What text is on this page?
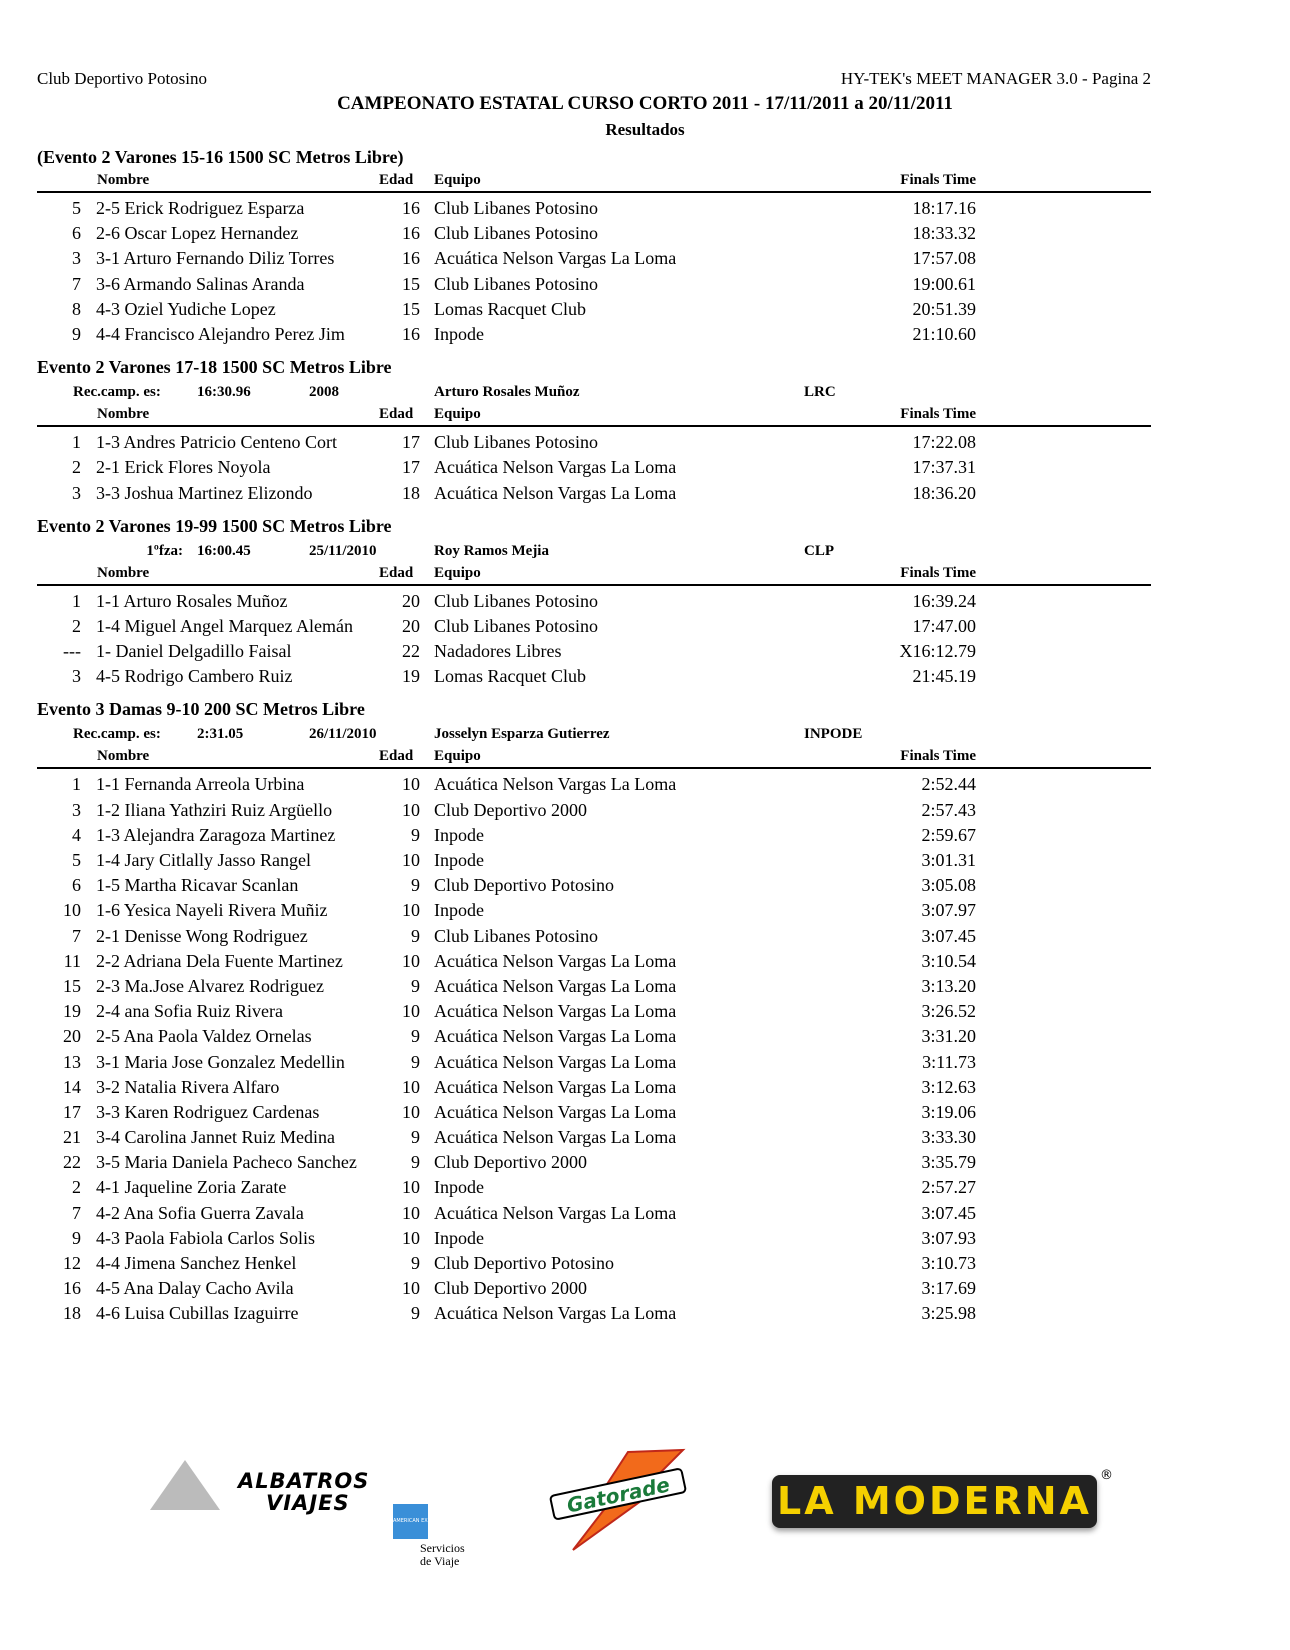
Club Deportivo Potosino	HY-TEK's MEET MANAGER 3.0 - Pagina 2
CAMPEONATO ESTATAL CURSO CORTO 2011 - 17/11/2011 a 20/11/2011
Resultados
(Evento 2 Varones 15-16 1500 SC Metros Libre)
Nombre	Edad Equipo	Finals Time
5 2-5 Erick Rodriguez Esparza	16 Club Libanes Potosino	18:17.16
6 2-6 Oscar Lopez Hernandez	16 Club Libanes Potosino	18:33.32
3 3-1 Arturo Fernando Diliz Torres	16 Acuática Nelson Vargas La Loma	17:57.08
7 3-6 Armando Salinas Aranda	15 Club Libanes Potosino	19:00.61
8 4-3 Oziel Yudiche Lopez	15 Lomas Racquet Club	20:51.39
9 4-4 Francisco Alejandro Perez Jim	16 Inpode	21:10.60
Evento 2 Varones 17-18 1500 SC Metros Libre
Rec.camp. es: 16:30.96	2008	Arturo Rosales Muñoz	LRC
Nombre	Edad Equipo	Finals Time
1 1-3 Andres Patricio Centeno Cort	17 Club Libanes Potosino	17:22.08
2 2-1 Erick Flores Noyola	17 Acuática Nelson Vargas La Loma	17:37.31
3 3-3 Joshua Martinez Elizondo	18 Acuática Nelson Vargas La Loma	18:36.20
Evento 2 Varones 19-99 1500 SC Metros Libre
1ºfza: 16:00.45	25/11/2010	Roy Ramos Mejia	CLP
Nombre	Edad Equipo	Finals Time
1 1-1 Arturo Rosales Muñoz	20 Club Libanes Potosino	16:39.24
2 1-4 Miguel Angel Marquez Alemán	20 Club Libanes Potosino	17:47.00
--- 1- Daniel Delgadillo Faisal	22 Nadadores Libres	X16:12.79
3 4-5 Rodrigo Cambero Ruiz	19 Lomas Racquet Club	21:45.19
Evento 3 Damas 9-10 200 SC Metros Libre
Rec.camp. es: 2:31.05	26/11/2010	Josselyn Esparza Gutierrez	INPODE
Nombre	Edad Equipo	Finals Time
1 1-1 Fernanda Arreola Urbina	10 Acuática Nelson Vargas La Loma	2:52.44
3 1-2 Iliana Yathziri Ruiz Argüello	10 Club Deportivo 2000	2:57.43
4 1-3 Alejandra Zaragoza Martinez	9 Inpode	2:59.67
5 1-4 Jary Citlally Jasso Rangel	10 Inpode	3:01.31
6 1-5 Martha Ricavar Scanlan	9 Club Deportivo Potosino	3:05.08
10 1-6 Yesica Nayeli Rivera Muñiz	10 Inpode	3:07.97
7 2-1 Denisse Wong Rodriguez	9 Club Libanes Potosino	3:07.45
11 2-2 Adriana Dela Fuente Martinez	10 Acuática Nelson Vargas La Loma	3:10.54
15 2-3 Ma.Jose Alvarez Rodriguez	9 Acuática Nelson Vargas La Loma	3:13.20
19 2-4 ana Sofia Ruiz Rivera	10 Acuática Nelson Vargas La Loma	3:26.52
20 2-5 Ana Paola Valdez Ornelas	9 Acuática Nelson Vargas La Loma	3:31.20
13 3-1 Maria Jose Gonzalez Medellin	9 Acuática Nelson Vargas La Loma	3:11.73
14 3-2 Natalia Rivera Alfaro	10 Acuática Nelson Vargas La Loma	3:12.63
17 3-3 Karen Rodriguez Cardenas	10 Acuática Nelson Vargas La Loma	3:19.06
21 3-4 Carolina Jannet Ruiz Medina	9 Acuática Nelson Vargas La Loma	3:33.30
22 3-5 Maria Daniela Pacheco Sanchez	9 Club Deportivo 2000	3:35.79
2 4-1 Jaqueline Zoria Zarate	10 Inpode	2:57.27
7 4-2 Ana Sofia Guerra Zavala	10 Acuática Nelson Vargas La Loma	3:07.45
9 4-3 Paola Fabiola Carlos Solis	10 Inpode	3:07.93
12 4-4 Jimena Sanchez Henkel	9 Club Deportivo Potosino	3:10.73
16 4-5 Ana Dalay Cacho Avila	10 Club Deportivo 2000	3:17.69
18 4-6 Luisa Cubillas Izaguirre	9 Acuática Nelson Vargas La Loma	3:25.98
ALBATROS
VIAJES
AMERICAN EXPRESS
Servicios
de Viaje
Gatorade	LA MODERNA
®
